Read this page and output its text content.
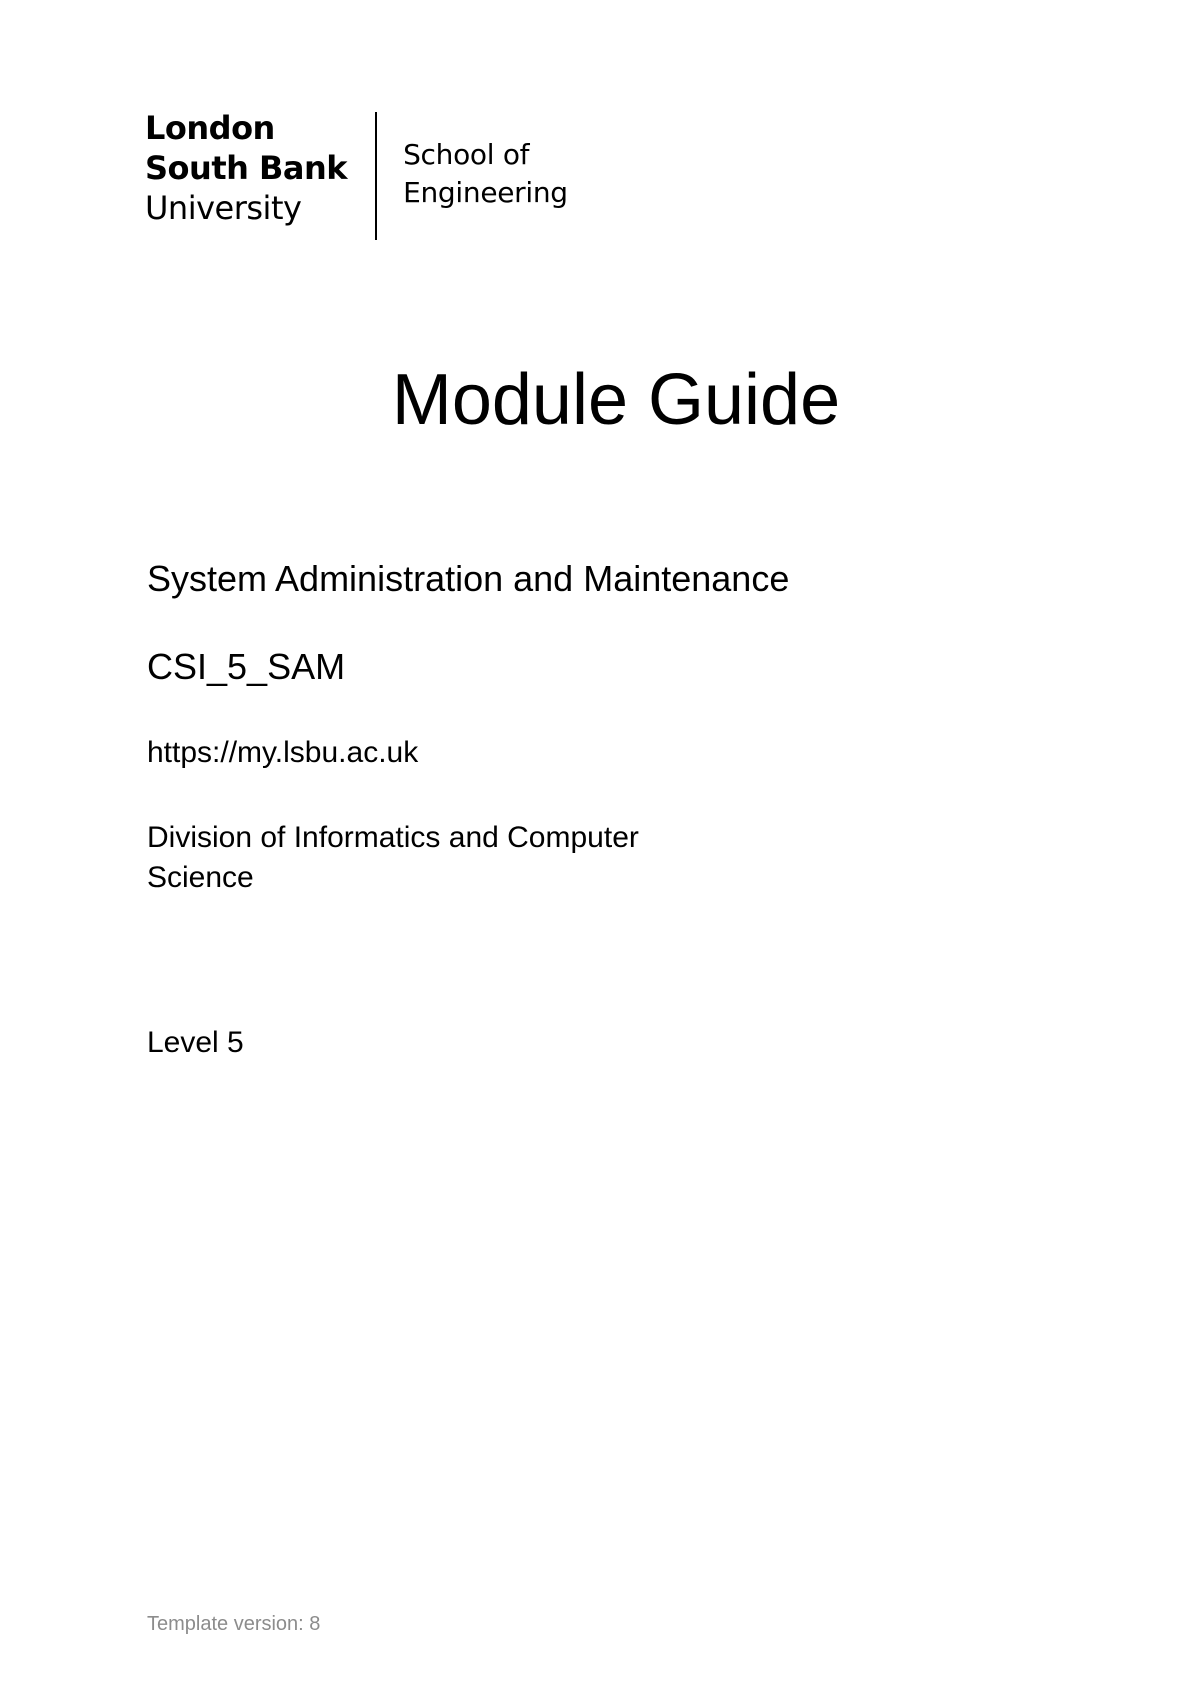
London
South Bank
University
School of
Engineering
Module Guide
System Administration and Maintenance
CSI_5_SAM
https://my.lsbu.ac.uk
Division of Informatics and Computer Science
Level 5
Template version: 8
